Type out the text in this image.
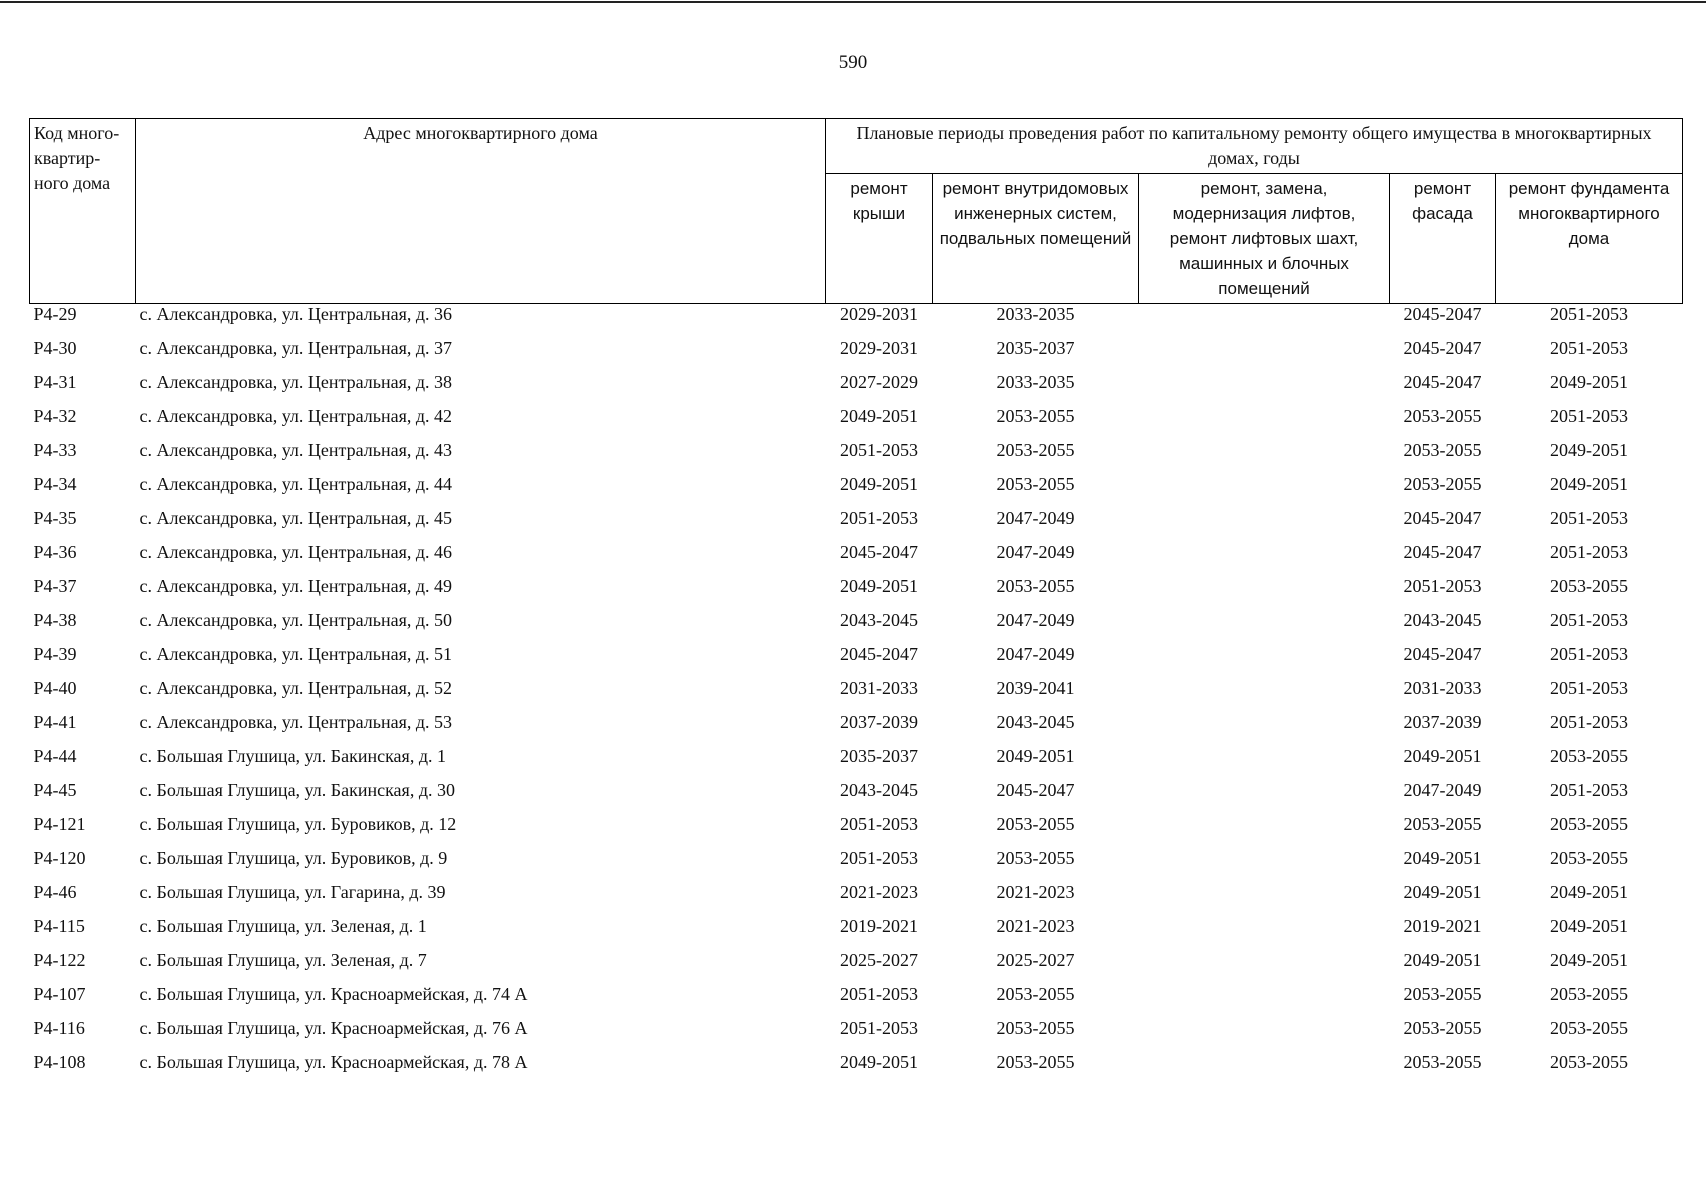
590
Код много-квартир-ного дома	Адрес многоквартирного дома	Плановые периоды проведения работ по капитальному ремонту общего имущества в многоквартирных домах, годы				
		ремонт крыши	ремонт внутридомовых инженерных систем, подвальных помещений	ремонт, замена, модернизация лифтов, ремонт лифтовых шахт, машинных и блочных помещений	ремонт фасада	ремонт фундамента многоквартирного дома
Р4-29	с. Александровка, ул. Центральная, д. 36	2029-2031	2033-2035		2045-2047	2051-2053
Р4-30	с. Александровка, ул. Центральная, д. 37	2029-2031	2035-2037		2045-2047	2051-2053
Р4-31	с. Александровка, ул. Центральная, д. 38	2027-2029	2033-2035		2045-2047	2049-2051
Р4-32	с. Александровка, ул. Центральная, д. 42	2049-2051	2053-2055		2053-2055	2051-2053
Р4-33	с. Александровка, ул. Центральная, д. 43	2051-2053	2053-2055		2053-2055	2049-2051
Р4-34	с. Александровка, ул. Центральная, д. 44	2049-2051	2053-2055		2053-2055	2049-2051
Р4-35	с. Александровка, ул. Центральная, д. 45	2051-2053	2047-2049		2045-2047	2051-2053
Р4-36	с. Александровка, ул. Центральная, д. 46	2045-2047	2047-2049		2045-2047	2051-2053
Р4-37	с. Александровка, ул. Центральная, д. 49	2049-2051	2053-2055		2051-2053	2053-2055
Р4-38	с. Александровка, ул. Центральная, д. 50	2043-2045	2047-2049		2043-2045	2051-2053
Р4-39	с. Александровка, ул. Центральная, д. 51	2045-2047	2047-2049		2045-2047	2051-2053
Р4-40	с. Александровка, ул. Центральная, д. 52	2031-2033	2039-2041		2031-2033	2051-2053
Р4-41	с. Александровка, ул. Центральная, д. 53	2037-2039	2043-2045		2037-2039	2051-2053
Р4-44	с. Большая Глушица, ул. Бакинская, д. 1	2035-2037	2049-2051		2049-2051	2053-2055
Р4-45	с. Большая Глушица, ул. Бакинская, д. 30	2043-2045	2045-2047		2047-2049	2051-2053
Р4-121	с. Большая Глушица, ул. Буровиков, д. 12	2051-2053	2053-2055		2053-2055	2053-2055
Р4-120	с. Большая Глушица, ул. Буровиков, д. 9	2051-2053	2053-2055		2049-2051	2053-2055
Р4-46	с. Большая Глушица, ул. Гагарина, д. 39	2021-2023	2021-2023		2049-2051	2049-2051
Р4-115	с. Большая Глушица, ул. Зеленая, д. 1	2019-2021	2021-2023		2019-2021	2049-2051
Р4-122	с. Большая Глушица, ул. Зеленая, д. 7	2025-2027	2025-2027		2049-2051	2049-2051
Р4-107	с. Большая Глушица, ул. Красноармейская, д. 74 А	2051-2053	2053-2055		2053-2055	2053-2055
Р4-116	с. Большая Глушица, ул. Красноармейская, д. 76 А	2051-2053	2053-2055		2053-2055	2053-2055
Р4-108	с. Большая Глушица, ул. Красноармейская, д. 78 А	2049-2051	2053-2055		2053-2055	2053-2055
